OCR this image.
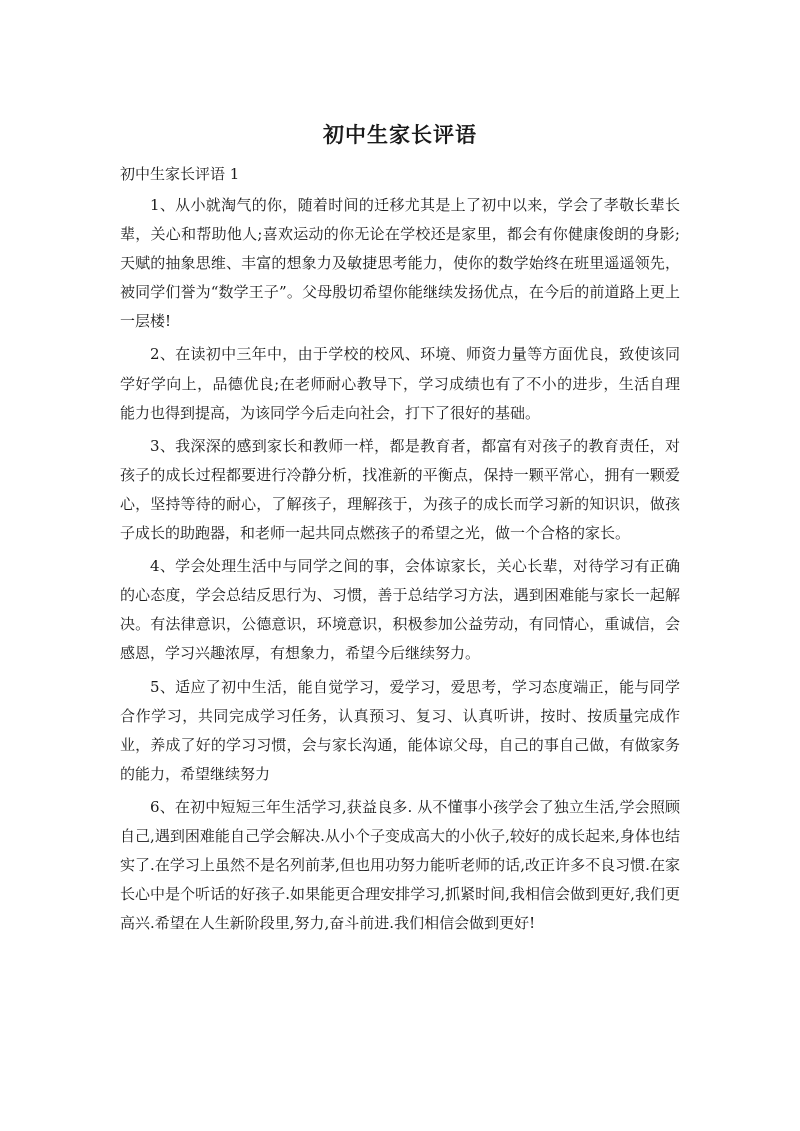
初中生家长评语
初中生家长评语 1

1、从小就淘气的你，随着时间的迁移尤其是上了初中以来，学会了孝敬长辈长辈，关心和帮助他人;喜欢运动的你无论在学校还是家里，都会有你健康俊朗的身影;天赋的抽象思维、丰富的想象力及敏捷思考能力，使你的数学始终在班里遥遥领先，被同学们誉为“数学王子”。父母殷切希望你能继续发扬优点，在今后的前道路上更上一层楼!

2、在读初中三年中，由于学校的校风、环境、师资力量等方面优良，致使该同学好学向上，品德优良;在老师耐心教导下，学习成绩也有了不小的进步，生活自理能力也得到提高，为该同学今后走向社会，打下了很好的基础。

3、我深深的感到家长和教师一样，都是教育者，都富有对孩子的教育责任，对孩子的成长过程都要进行冷静分析，找准新的平衡点，保持一颗平常心，拥有一颗爱心，坚持等待的耐心，了解孩子，理解孩于，为孩子的成长而学习新的知识识，做孩子成长的助跑器，和老师一起共同点燃孩子的希望之光，做一个合格的家长。

4、学会处理生活中与同学之间的事，会体谅家长，关心长辈，对待学习有正确的心态度，学会总结反思行为、习惯，善于总结学习方法，遇到困难能与家长一起解决。有法律意识，公德意识，环境意识，积极参加公益劳动，有同情心，重诚信，会感恩，学习兴趣浓厚，有想象力，希望今后继续努力。

5、适应了初中生活，能自觉学习，爱学习，爱思考，学习态度端正，能与同学合作学习，共同完成学习任务，认真预习、复习、认真听讲，按时、按质量完成作业，养成了好的学习习惯，会与家长沟通，能体谅父母，自己的事自己做，有做家务的能力，希望继续努力

6、在初中短短三年生活学习,获益良多. 从不懂事小孩学会了独立生活,学会照顾自己,遇到困难能自己学会解决.从小个子变成高大的小伙子,较好的成长起来,身体也结实了.在学习上虽然不是名列前茅,但也用功努力能听老师的话,改正许多不良习惯.在家长心中是个听话的好孩子.如果能更合理安排学习,抓紧时间,我相信会做到更好,我们更高兴.希望在人生新阶段里,努力,奋斗前进.我们相信会做到更好!
